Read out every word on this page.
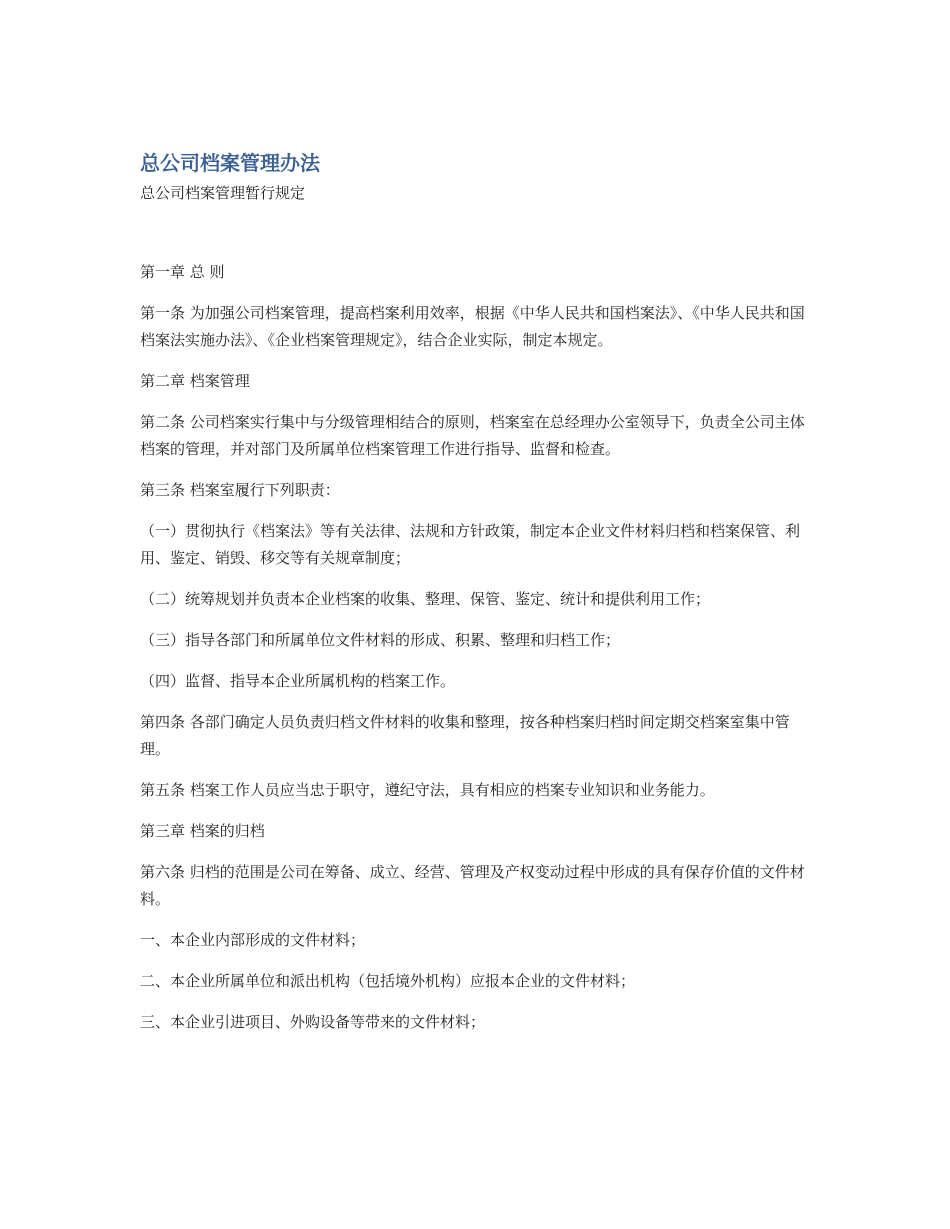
总公司档案管理办法
总公司档案管理暂行规定

第一章 总 则

第一条 为加强公司档案管理，提高档案利用效率，根据《中华人民共和国档案法》、《中华人民共和国档案法实施办法》、《企业档案管理规定》，结合企业实际，制定本规定。

第二章 档案管理

第二条 公司档案实行集中与分级管理相结合的原则，档案室在总经理办公室领导下，负责全公司主体档案的管理，并对部门及所属单位档案管理工作进行指导、监督和检查。

第三条 档案室履行下列职责：

（一）贯彻执行《档案法》等有关法律、法规和方针政策，制定本企业文件材料归档和档案保管、利用、鉴定、销毁、移交等有关规章制度；

（二）统筹规划并负责本企业档案的收集、整理、保管、鉴定、统计和提供利用工作；

（三）指导各部门和所属单位文件材料的形成、积累、整理和归档工作；

（四）监督、指导本企业所属机构的档案工作。

第四条 各部门确定人员负责归档文件材料的收集和整理，按各种档案归档时间定期交档案室集中管理。

第五条 档案工作人员应当忠于职守，遵纪守法，具有相应的档案专业知识和业务能力。

第三章 档案的归档

第六条 归档的范围是公司在筹备、成立、经营、管理及产权变动过程中形成的具有保存价值的文件材料。

一、本企业内部形成的文件材料；

二、本企业所属单位和派出机构（包括境外机构）应报本企业的文件材料；

三、本企业引进项目、外购设备等带来的文件材料；
